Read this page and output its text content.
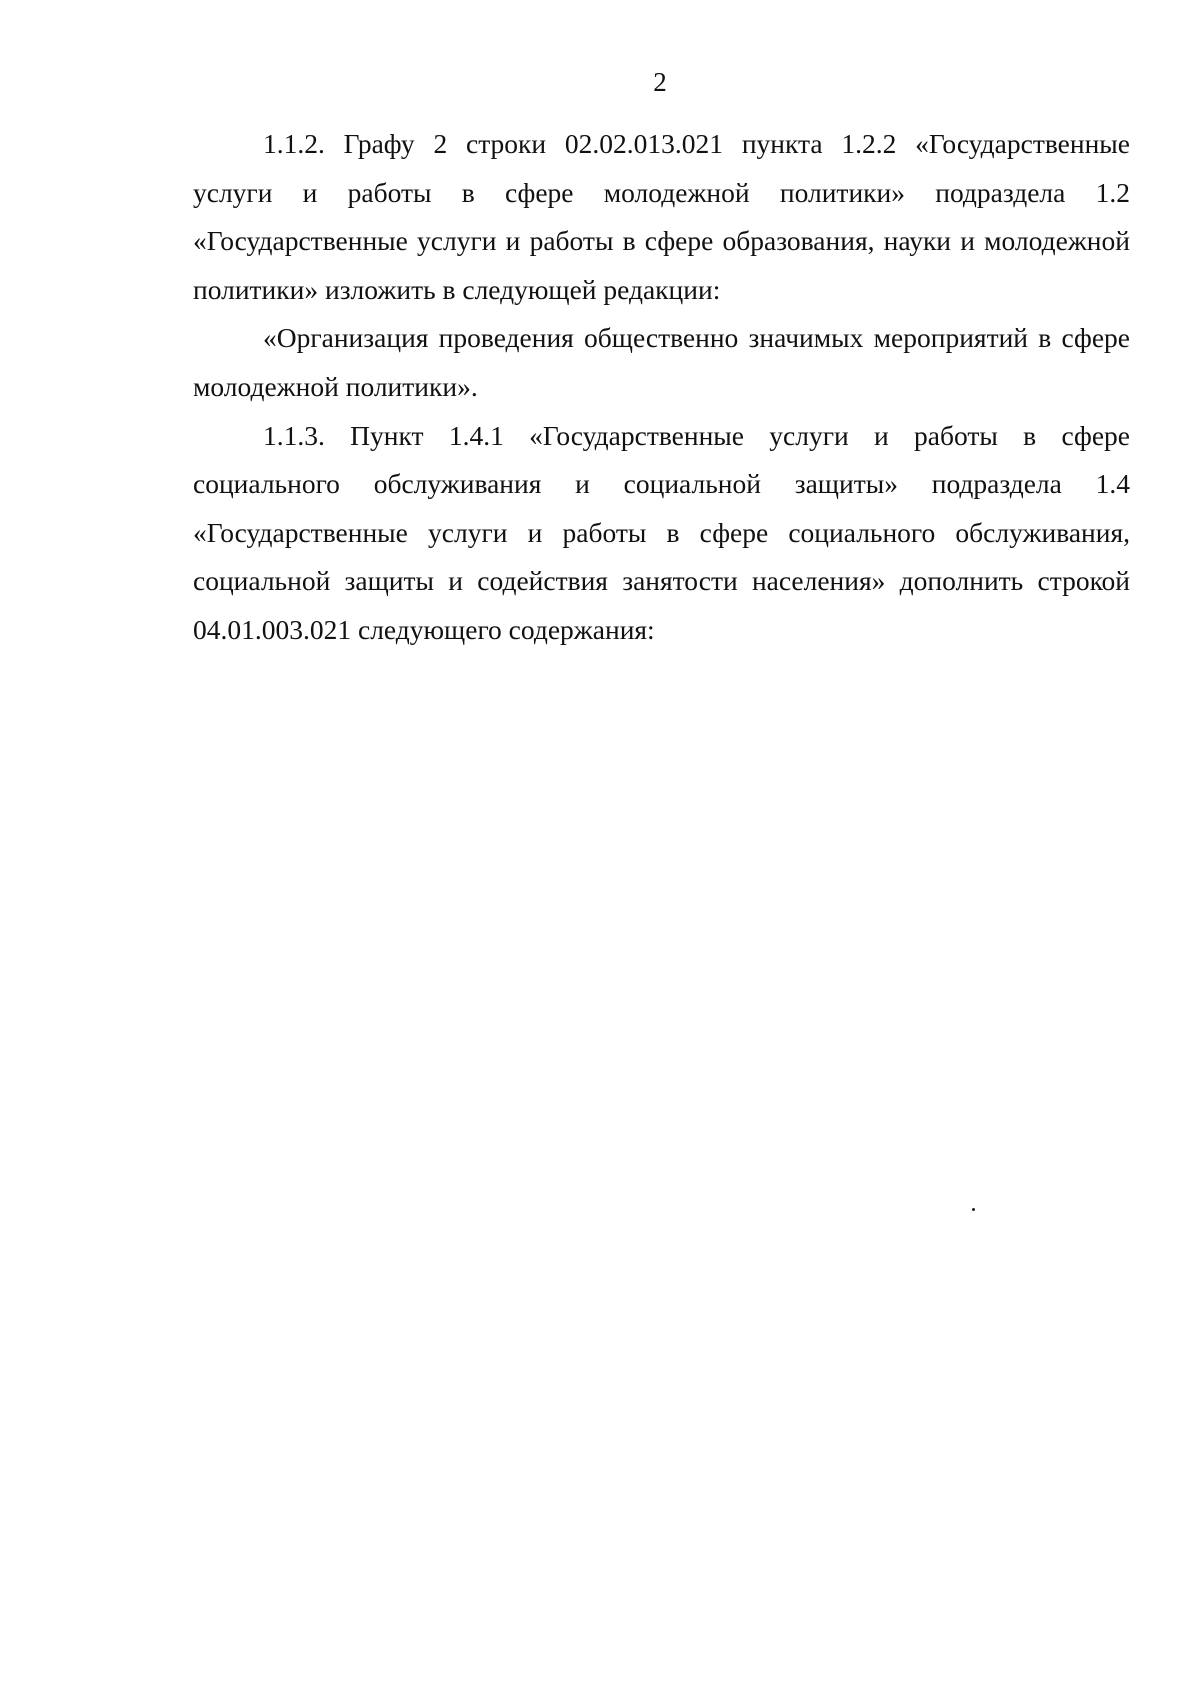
2

1.1.2. Графу 2 строки 02.02.013.021 пункта 1.2.2 «Государственные услуги и работы в сфере молодежной политики» подраздела 1.2 «Государственные услуги и работы в сфере образования, науки и молодежной политики» изложить в следующей редакции:

«Организация проведения общественно значимых мероприятий в сфере молодежной политики».

1.1.3. Пункт 1.4.1 «Государственные услуги и работы в сфере социального обслуживания и социальной защиты» подраздела 1.4 «Государственные услуги и работы в сфере социального обслуживания, социальной защиты и содействия занятости населения» дополнить строкой 04.01.003.021 следующего содержания:
